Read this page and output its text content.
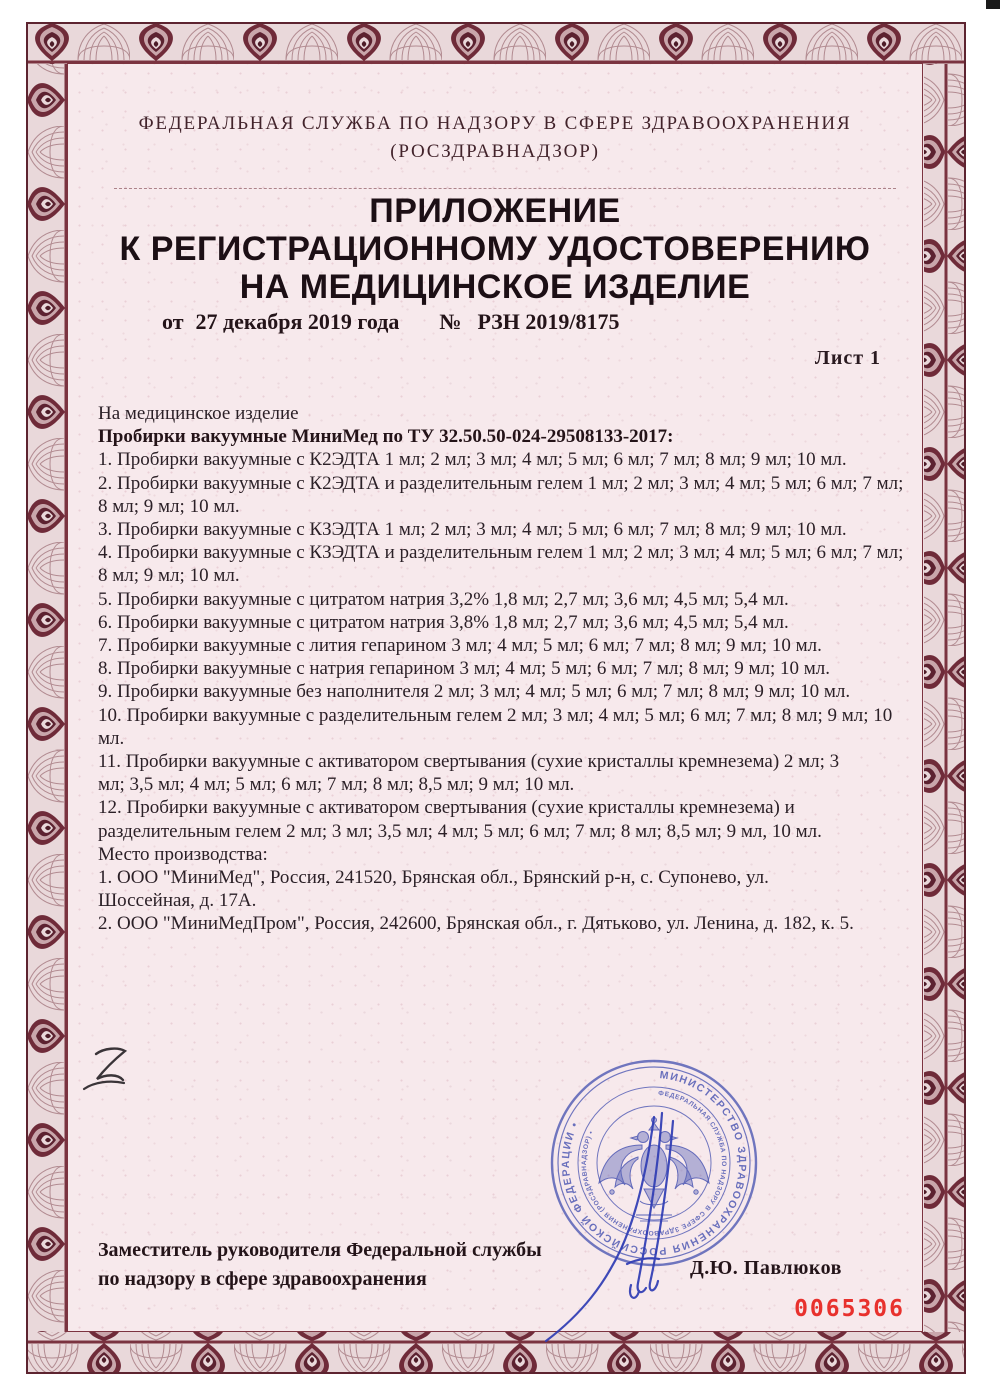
ФЕДЕРАЛЬНАЯ СЛУЖБА ПО НАДЗОРУ В СФЕРЕ ЗДРАВООХРАНЕНИЯ
(РОСЗДРАВНАДЗОР)
ПРИЛОЖЕНИЕ
К РЕГИСТРАЦИОННОМУ УДОСТОВЕРЕНИЮ
НА МЕДИЦИНСКОЕ ИЗДЕЛИЕ
от 27 декабря 2019 года № РЗН 2019/8175
Лист 1

На медицинское изделие

Пробирки вакуумные МиниМед по ТУ 32.50.50-024-29508133-2017:

1. Пробирки вакуумные с К2ЭДТА 1 мл; 2 мл; 3 мл; 4 мл; 5 мл; 6 мл; 7 мл; 8 мл; 9 мл; 10 мл.

2. Пробирки вакуумные с К2ЭДТА и разделительным гелем 1 мл; 2 мл; 3 мл; 4 мл; 5 мл; 6 мл; 7 мл; 8 мл; 9 мл; 10 мл.

3. Пробирки вакуумные с КЗЭДТА 1 мл; 2 мл; 3 мл; 4 мл; 5 мл; 6 мл; 7 мл; 8 мл; 9 мл; 10 мл.

4. Пробирки вакуумные с КЗЭДТА и разделительным гелем 1 мл; 2 мл; 3 мл; 4 мл; 5 мл; 6 мл; 7 мл; 8 мл; 9 мл; 10 мл.

5. Пробирки вакуумные с цитратом натрия 3,2% 1,8 мл; 2,7 мл; 3,6 мл; 4,5 мл; 5,4 мл.

6. Пробирки вакуумные с цитратом натрия 3,8% 1,8 мл; 2,7 мл; 3,6 мл; 4,5 мл; 5,4 мл.

7. Пробирки вакуумные с лития гепарином 3 мл; 4 мл; 5 мл; 6 мл; 7 мл; 8 мл; 9 мл; 10 мл.

8. Пробирки вакуумные с натрия гепарином 3 мл; 4 мл; 5 мл; 6 мл; 7 мл; 8 мл; 9 мл; 10 мл.

9. Пробирки вакуумные без наполнителя 2 мл; 3 мл; 4 мл; 5 мл; 6 мл; 7 мл; 8 мл; 9 мл; 10 мл.

10. Пробирки вакуумные с разделительным гелем 2 мл; 3 мл; 4 мл; 5 мл; 6 мл; 7 мл; 8 мл; 9 мл; 10 мл.

11. Пробирки вакуумные с активатором свертывания (сухие кристаллы кремнезема) 2 мл; 3 мл; 3,5 мл; 4 мл; 5 мл; 6 мл; 7 мл; 8 мл; 8,5 мл; 9 мл; 10 мл.

12. Пробирки вакуумные с активатором свертывания (сухие кристаллы кремнезема) и разделительным гелем 2 мл; 3 мл; 3,5 мл; 4 мл; 5 мл; 6 мл; 7 мл; 8 мл; 8,5 мл; 9 мл, 10 мл.

Место производства:

1. ООО "МиниМед", Россия, 241520, Брянская обл., Брянский р-н, с. Супонево, ул. Шоссейная, д. 17А.

2. ООО "МиниМедПром", Россия, 242600, Брянская обл., г. Дятьково, ул. Ленина, д. 182, к. 5.

МИНИСТЕРСТВО ЗДРАВООХРАНЕНИЯ РОССИЙСКОЙ ФЕДЕРАЦИИ •
ФЕДЕРАЛЬНАЯ СЛУЖБА ПО НАДЗОРУ В СФЕРЕ ЗДРАВООХРАНЕНИЯ (РОСЗДРАВНАДЗОР) •
Заместитель руководителя Федеральной службы
по надзору в сфере здравоохранения	Д.Ю. Павлюков
0065306
